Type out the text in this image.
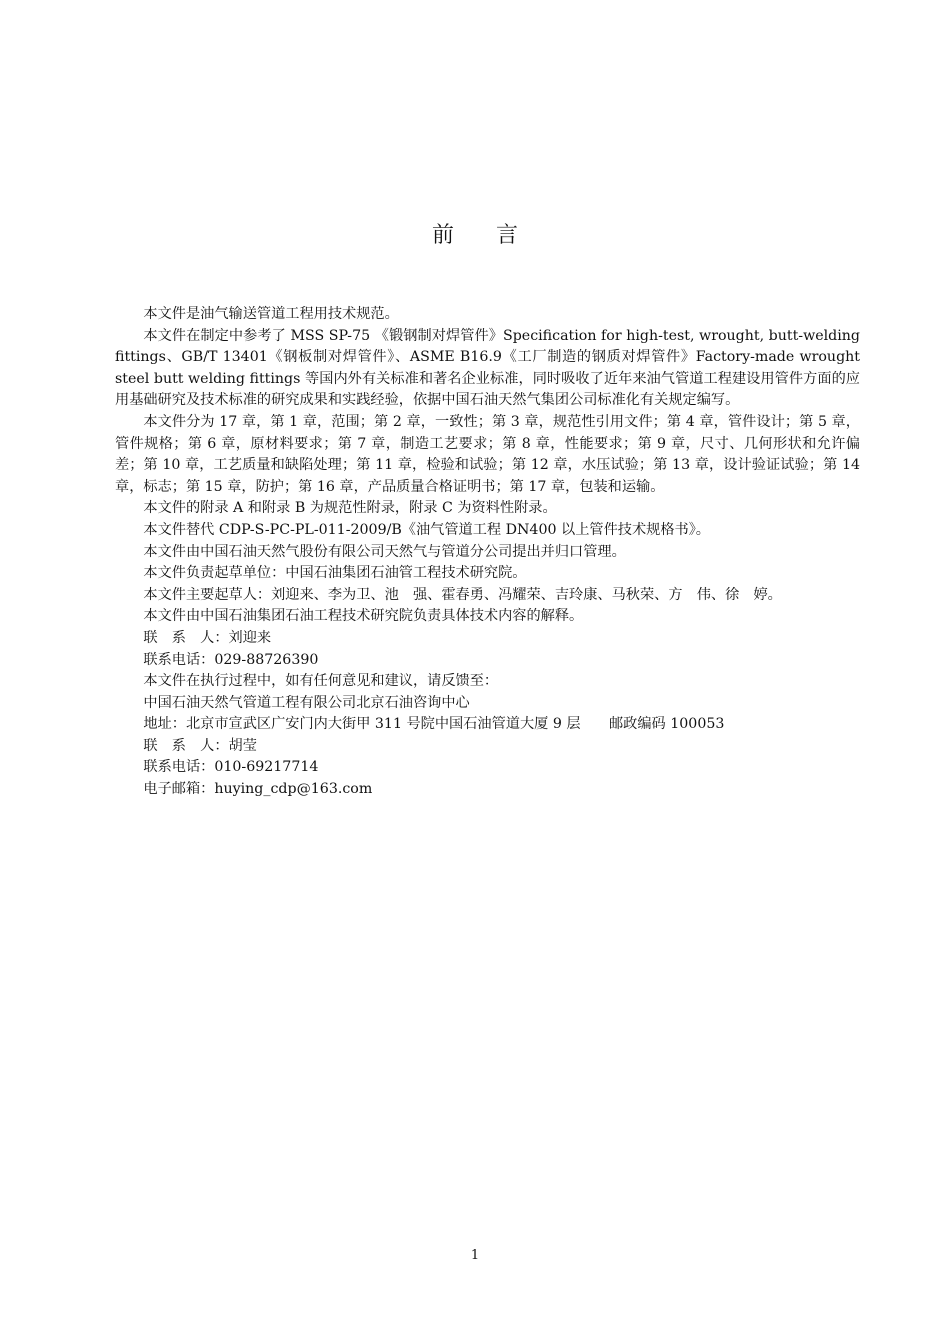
前 言

本文件是油气输送管道工程用技术规范。

本文件在制定中参考了 MSS SP-75 《锻钢制对焊管件》Specification for high-test, wrought, butt-welding fittings、GB/T 13401《钢板制对焊管件》、ASME B16.9《工厂制造的钢质对焊管件》Factory-made wrought steel butt welding fittings 等国内外有关标准和著名企业标准，同时吸收了近年来油气管道工程建设用管件方面的应用基础研究及技术标准的研究成果和实践经验，依据中国石油天然气集团公司标准化有关规定编写。

本文件分为 17 章，第 1 章，范围；第 2 章，一致性；第 3 章，规范性引用文件；第 4 章，管件设计；第 5 章，管件规格；第 6 章，原材料要求；第 7 章，制造工艺要求；第 8 章，性能要求；第 9 章，尺寸、几何形状和允许偏差；第 10 章，工艺质量和缺陷处理；第 11 章，检验和试验；第 12 章，水压试验；第 13 章，设计验证试验；第 14 章，标志；第 15 章，防护；第 16 章，产品质量合格证明书；第 17 章，包装和运输。

本文件的附录 A 和附录 B 为规范性附录，附录 C 为资料性附录。

本文件替代 CDP-S-PC-PL-011-2009/B《油气管道工程 DN400 以上管件技术规格书》。

本文件由中国石油天然气股份有限公司天然气与管道分公司提出并归口管理。

本文件负责起草单位：中国石油集团石油管工程技术研究院。

本文件主要起草人：刘迎来、李为卫、池　强、霍春勇、冯耀荣、吉玲康、马秋荣、方　伟、徐　婷。

本文件由中国石油集团石油工程技术研究院负责具体技术内容的解释。

联　系　人：刘迎来

联系电话：029-88726390

本文件在执行过程中，如有任何意见和建议，请反馈至：

中国石油天然气管道工程有限公司北京石油咨询中心

地址：北京市宣武区广安门内大街甲 311 号院中国石油管道大厦 9 层　　邮政编码 100053

联　系　人：胡莹

联系电话：010-69217714

电子邮箱：huying_cdp@163.com

1
